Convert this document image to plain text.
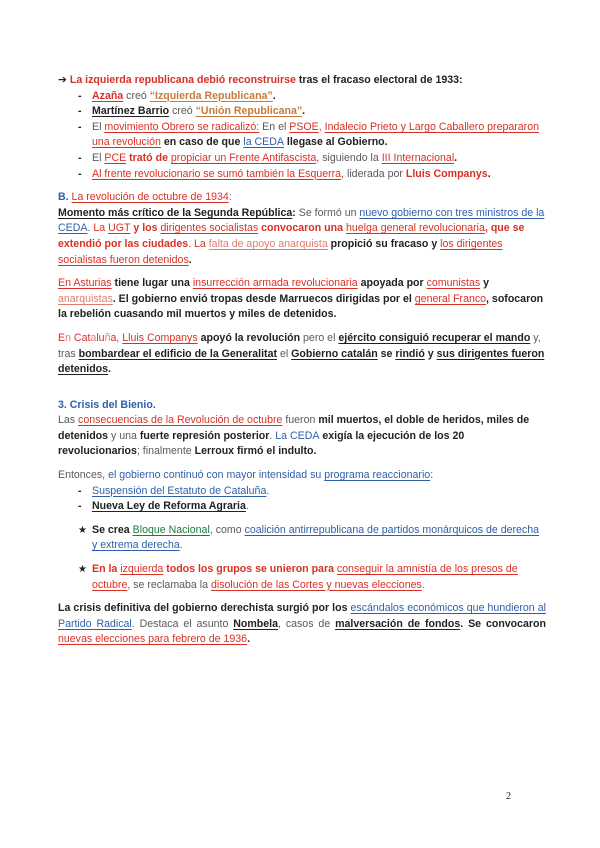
➔ La izquierda republicana debió reconstruirse tras el fracaso electoral de 1933:

- Azaña creó “Izquierda Republicana”.
- Martínez Barrio creó “Unión Republicana”.
- El movimiento Obrero se radicalizó: En el PSOE, Indalecio Prieto y Largo Caballero prepararon una revolución en caso de que la CEDA llegase al Gobierno.
- El PCE trató de propiciar un Frente Antifascista, siguiendo la III Internacional.
- Al frente revolucionario se sumó también la Esquerra, liderada por Lluis Companys.

B. La revolución de octubre de 1934:

Momento más crítico de la Segunda República: Se formó un nuevo gobierno con tres ministros de la CEDA. La UGT y los dirigentes socialistas convocaron una huelga general revolucionaria, que se extendió por las ciudades. La falta de apoyo anarquista propició su fracaso y los dirigentes socialistas fueron detenidos.

En Asturias tiene lugar una insurrección armada revolucionaria apoyada por comunistas y anarquistas. El gobierno envió tropas desde Marruecos dirigidas por el general Franco, sofocaron la rebelión cuasando mil muertos y miles de detenidos.

En Cataluña, Lluis Companys apoyó la revolución pero el ejército consiguió recuperar el mando y, tras bombardear el edificio de la Generalitat el Gobierno catalán se rindió y sus dirigentes fueron detenidos.

3. Crisis del Bienio.

Las consecuencias de la Revolución de octubre fueron mil muertos, el doble de heridos, miles de detenidos y una fuerte represión posterior. La CEDA exigía la ejecución de los 20 revolucionarios; finalmente Lerroux firmó el indulto.

Entonces, el gobierno continuó con mayor intensidad su programa reaccionario:

- Suspensión del Estatuto de Cataluña.
- Nueva Ley de Reforma Agraria.
★ Se crea Bloque Nacional, como coalición antirrepublicana de partidos monárquicos de derecha y extrema derecha.
★ En la izquierda todos los grupos se unieron para conseguir la amnistía de los presos de octubre, se reclamaba la disolución de las Cortes y nuevas elecciones.

La crisis definitiva del gobierno derechista surgió por los escándalos económicos que hundieron al Partido Radical. Destaca el asunto Nombela, casos de malversación de fondos. Se convocaron nuevas elecciones para febrero de 1936.

2
